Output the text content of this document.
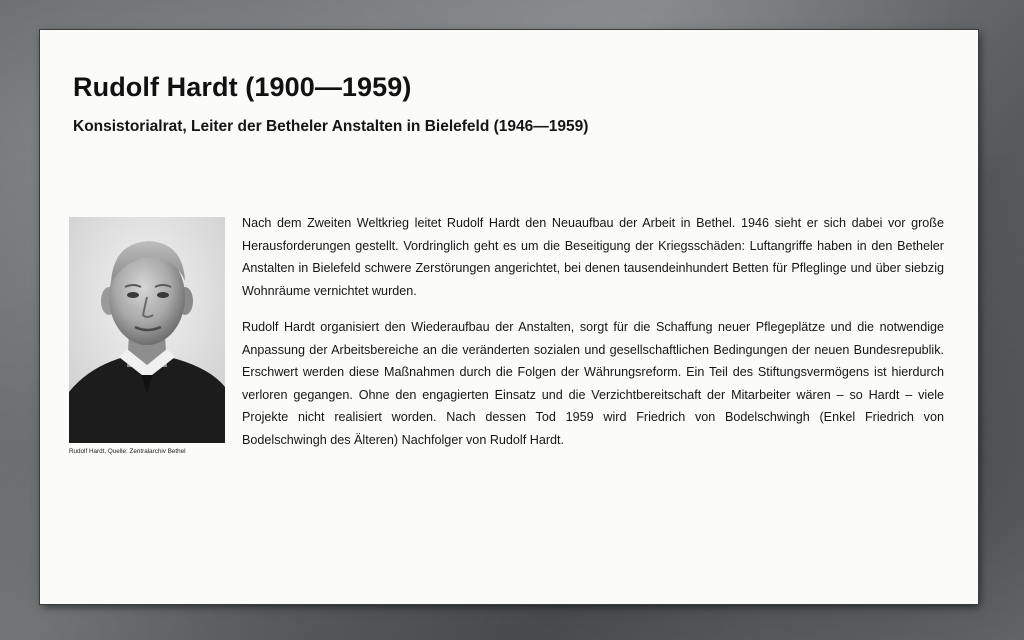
Rudolf Hardt (1900—1959)
Konsistorialrat, Leiter der Betheler Anstalten in Bielefeld (1946—1959)
Rudolf Hardt, Quelle: Zentralarchiv Bethel

Nach dem Zweiten Weltkrieg leitet Rudolf Hardt den Neuaufbau der Arbeit in Bethel. 1946 sieht er sich dabei vor große Herausforderungen gestellt. Vordringlich geht es um die Beseitigung der Kriegsschäden: Luftangriffe haben in den Betheler Anstalten in Bielefeld schwere Zerstörungen angerichtet, bei denen tausendeinhundert Betten für Pfleglinge und über siebzig Wohnräume vernichtet wurden.

Rudolf Hardt organisiert den Wiederaufbau der Anstalten, sorgt für die Schaffung neuer Pflegeplätze und die notwendige Anpassung der Arbeitsbereiche an die veränderten sozialen und gesellschaftlichen Bedingungen der neuen Bundesrepublik. Erschwert werden diese Maßnahmen durch die Folgen der Währungsreform. Ein Teil des Stiftungsvermögens ist hierdurch verloren gegangen. Ohne den engagierten Einsatz und die Verzichtbereitschaft der Mitarbeiter wären – so Hardt – viele Projekte nicht realisiert worden. Nach dessen Tod 1959 wird Friedrich von Bodelschwingh (Enkel Friedrich von Bodelschwingh des Älteren) Nachfolger von Rudolf Hardt.
